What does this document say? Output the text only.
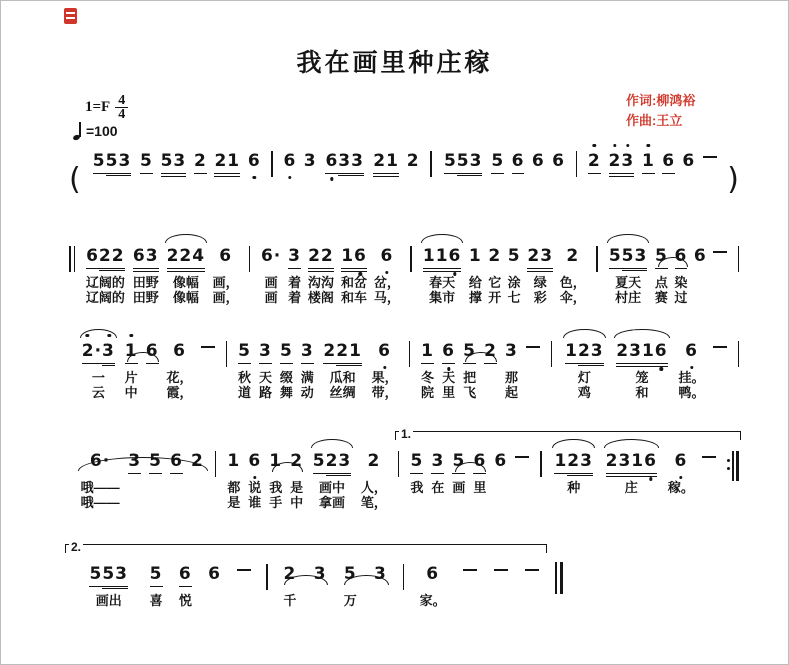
我在画里种庄稼
$1=F \frac{4}{4}$
=100
作词:柳鸿裕
作曲:王立
(
553 5 53 2 21 6 6 3 633 21 2 553 5 6 6 6 2 23 1 6 6
)
622
辽阔的
辽阔的
63
田野
田野
224
像幅
像幅
6
画，
画，
6·
画
画
3
着
着
22
沟沟
楼阁
16
和岔
和车
6
岔，
马，
116
春天
集市
1
给
撑
2
它
开
5
涂
七
23
绿
彩
2
色，
伞，
553
夏天
村庄
5
点
赛
6
染
过
6
2·3
一
云
1
片
中
6 6
花，
霞，
5
秋
道
3
天
路
5
缀
舞
3
满
动
221
瓜和
丝绸
6
果，
带，
1
冬
院
6
天
里
5
把
飞
2 3
那
起
123
灯
鸡
2316
笼
和
6
挂。
鸭。
6·
哦——
哦——
3 5 6 2 1
都
是
6
说
谁
1
我
手
2
是
中
523
画中
拿画
2
人，
笔，
5
我
3
在
5
画
6
里
6	123
种
2316
庄
6
稼。
1.
553
画出
5
喜
6
悦
6	2
千
3 5
万
3 6
家。
2.
